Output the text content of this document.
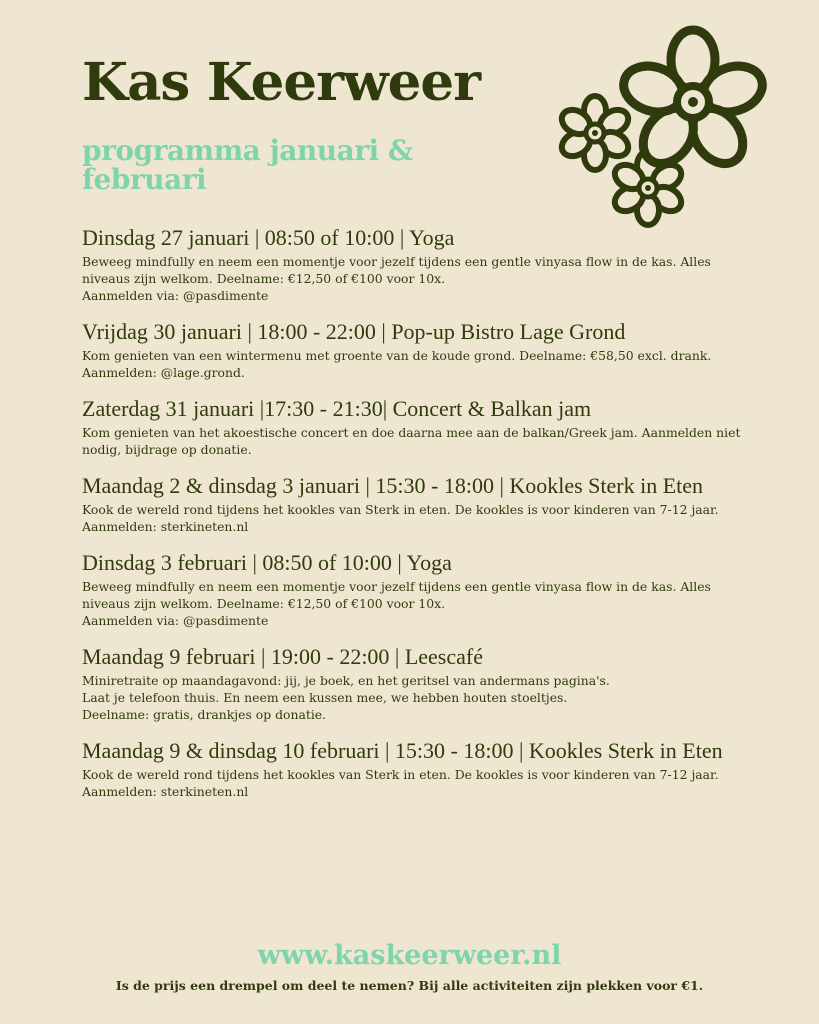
Kas Keerweer
programma januari & februari

Dinsdag 27 januari | 08:50 of 10:00 | Yoga

Beweeg mindfully en neem een momentje voor jezelf tijdens een gentle vinyasa flow in de kas. Alles niveaus zijn welkom. Deelname: €12,50 of €100 voor 10x.
Aanmelden via: @pasdimente

Vrijdag 30 januari | 18:00 - 22:00 | Pop-up Bistro Lage Grond

Kom genieten van een wintermenu met groente van de koude grond. Deelname: €58,50 excl. drank. Aanmelden: @lage.grond.

Zaterdag 31 januari |17:30 - 21:30| Concert & Balkan jam

Kom genieten van het akoestische concert en doe daarna mee aan de balkan/Greek jam. Aanmelden niet nodig, bijdrage op donatie.

Maandag 2 & dinsdag 3 januari | 15:30 - 18:00 | Kookles Sterk in Eten

Kook de wereld rond tijdens het kookles van Sterk in eten. De kookles is voor kinderen van 7-12 jaar. Aanmelden: sterkineten.nl

Dinsdag 3 februari | 08:50 of 10:00 | Yoga

Beweeg mindfully en neem een momentje voor jezelf tijdens een gentle vinyasa flow in de kas. Alles niveaus zijn welkom. Deelname: €12,50 of €100 voor 10x.
Aanmelden via: @pasdimente

Maandag 9 februari | 19:00 - 22:00 | Leescafé

Miniretraite op maandagavond: jij, je boek, en het geritsel van andermans pagina's.
Laat je telefoon thuis. En neem een kussen mee, we hebben houten stoeltjes.
Deelname: gratis, drankjes op donatie.

Maandag 9 & dinsdag 10 februari | 15:30 - 18:00 | Kookles Sterk in Eten

Kook de wereld rond tijdens het kookles van Sterk in eten. De kookles is voor kinderen van 7-12 jaar. Aanmelden: sterkineten.nl

www.kaskeerweer.nl

Is de prijs een drempel om deel te nemen? Bij alle activiteiten zijn plekken voor €1.
